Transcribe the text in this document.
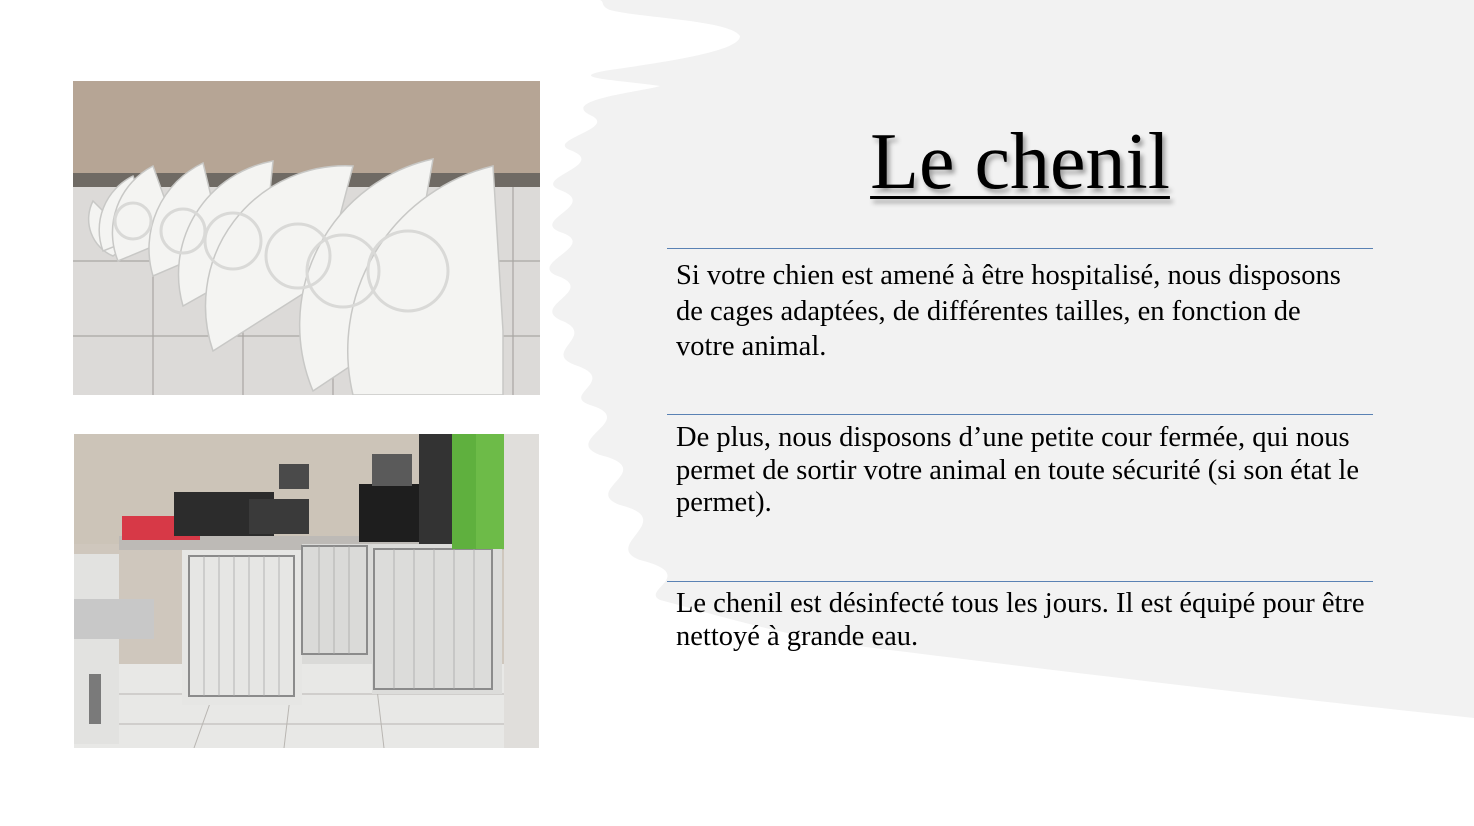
Le chenil
Si votre chien est amené à être hospitalisé, nous disposons de cages adaptées, de différentes tailles, en fonction de votre animal.
De plus, nous disposons d’une petite cour fermée, qui nous permet de sortir votre animal en toute sécurité (si son état le permet).
Le chenil est désinfecté tous les jours. Il est équipé pour être nettoyé à grande eau.
